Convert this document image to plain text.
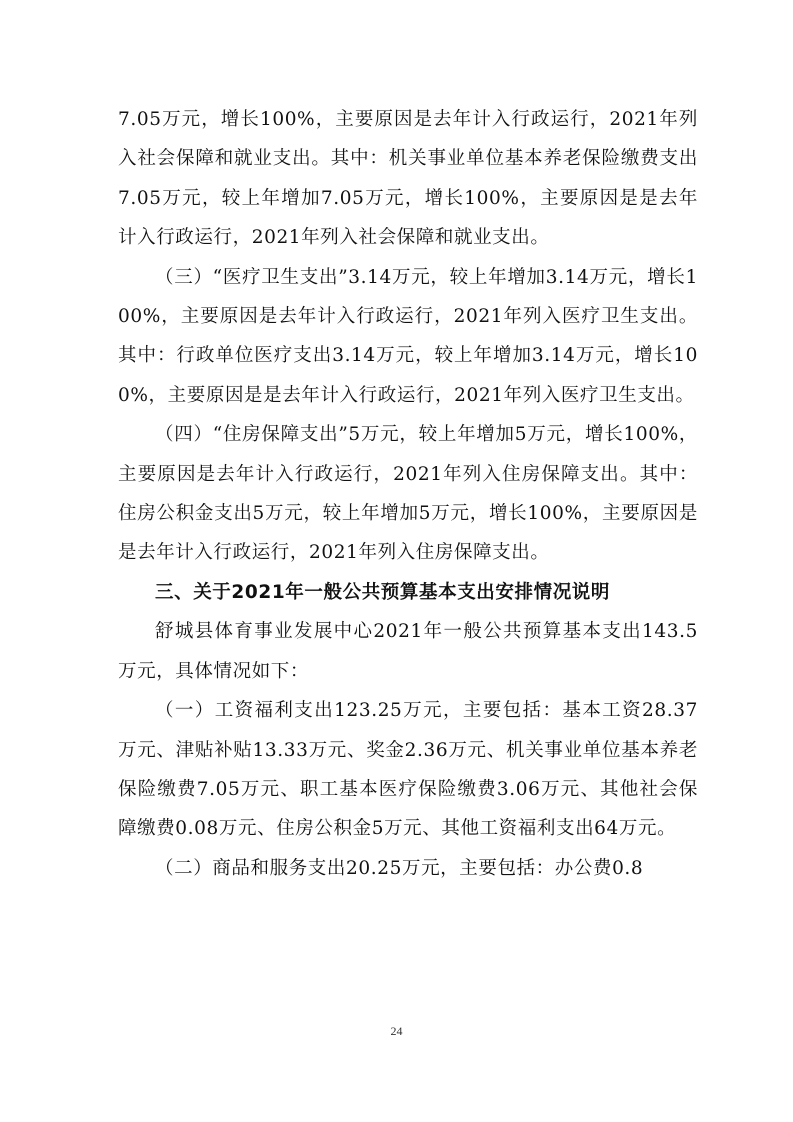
7.05万元，增长100%，主要原因是去年计入行政运行，2021年列入社会保障和就业支出。其中：机关事业单位基本养老保险缴费支出7.05万元，较上年增加7.05万元，增长100%，主要原因是是去年计入行政运行，2021年列入社会保障和就业支出。

（三）“医疗卫生支出”3.14万元，较上年增加3.14万元，增长100%，主要原因是去年计入行政运行，2021年列入医疗卫生支出。其中：行政单位医疗支出3.14万元，较上年增加3.14万元，增长100%，主要原因是是去年计入行政运行，2021年列入医疗卫生支出。

（四）“住房保障支出”5万元，较上年增加5万元，增长100%，主要原因是去年计入行政运行，2021年列入住房保障支出。其中：住房公积金支出5万元，较上年增加5万元，增长100%，主要原因是是去年计入行政运行，2021年列入住房保障支出。

三、关于2021年一般公共预算基本支出安排情况说明

舒城县体育事业发展中心2021年一般公共预算基本支出143.5万元，具体情况如下：

（一）工资福利支出123.25万元，主要包括：基本工资28.37万元、津贴补贴13.33万元、奖金2.36万元、机关事业单位基本养老保险缴费7.05万元、职工基本医疗保险缴费3.06万元、其他社会保障缴费0.08万元、住房公积金5万元、其他工资福利支出64万元。

（二）商品和服务支出20.25万元，主要包括：办公费0.8

24
